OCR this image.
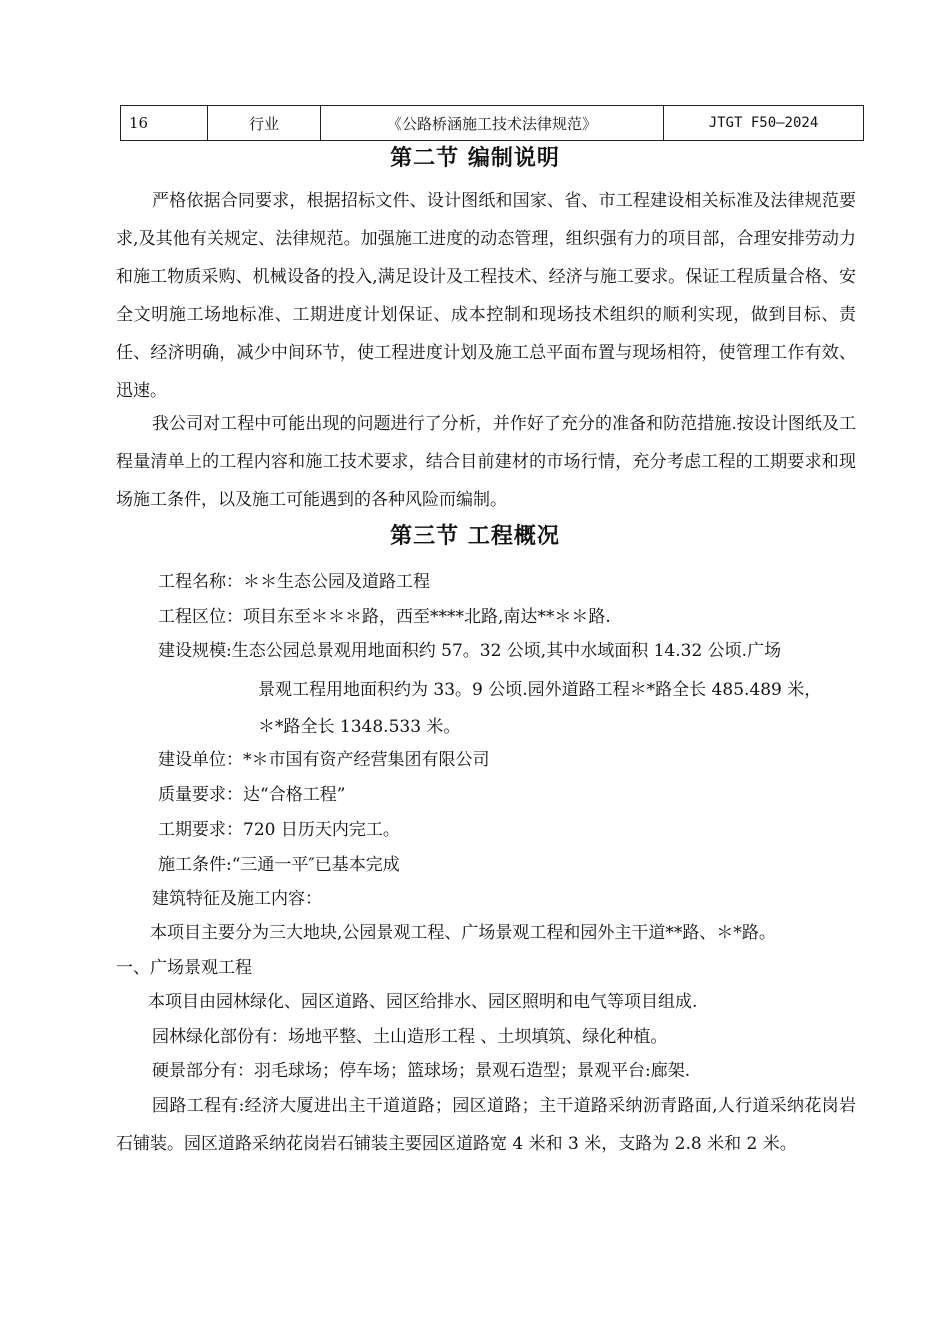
16	行业	《公路桥涵施工技术法律规范》	JTGT F50—2024
第二节 编制说明

严格依据合同要求，根据招标文件、设计图纸和国家、省、市工程建设相关标准及法律规范要求,及其他有关规定、法律规范。加强施工进度的动态管理，组织强有力的项目部，合理安排劳动力和施工物质采购、机械设备的投入,满足设计及工程技术、经济与施工要求。保证工程质量合格、安全文明施工场地标准、工期进度计划保证、成本控制和现场技术组织的顺利实现，做到目标、责任、经济明确，减少中间环节，使工程进度计划及施工总平面布置与现场相符，使管理工作有效、迅速。

我公司对工程中可能出现的问题进行了分析，并作好了充分的准备和防范措施.按设计图纸及工程量清单上的工程内容和施工技术要求，结合目前建材的市场行情，充分考虑工程的工期要求和现场施工条件，以及施工可能遇到的各种风险而编制。

第三节 工程概况

工程名称：＊＊生态公园及道路工程

工程区位：项目东至＊＊＊路，西至****北路,南达**＊＊路.

建设规模:生态公园总景观用地面积约 57。32 公顷,其中水域面积 14.32 公顷.广场

景观工程用地面积约为 33。9 公顷.园外道路工程＊*路全长 485.489 米，

＊*路全长 1348.533 米。

建设单位：*＊市国有资产经营集团有限公司

质量要求：达“合格工程”

工期要求：720 日历天内完工。

施工条件:“三通一平″已基本完成

建筑特征及施工内容：

本项目主要分为三大地块,公园景观工程、广场景观工程和园外主干道**路、＊*路。

一、广场景观工程

本项目由园林绿化、园区道路、园区给排水、园区照明和电气等项目组成.

园林绿化部份有：场地平整、土山造形工程 、土坝填筑、绿化种植。

硬景部分有：羽毛球场；停车场；篮球场；景观石造型；景观平台:廊架.

园路工程有:经济大厦进出主干道道路；园区道路；主干道路采纳沥青路面,人行道采纳花岗岩石铺装。园区道路采纳花岗岩石铺装主要园区道路宽 4 米和 3 米，支路为 2.8 米和 2 米。
